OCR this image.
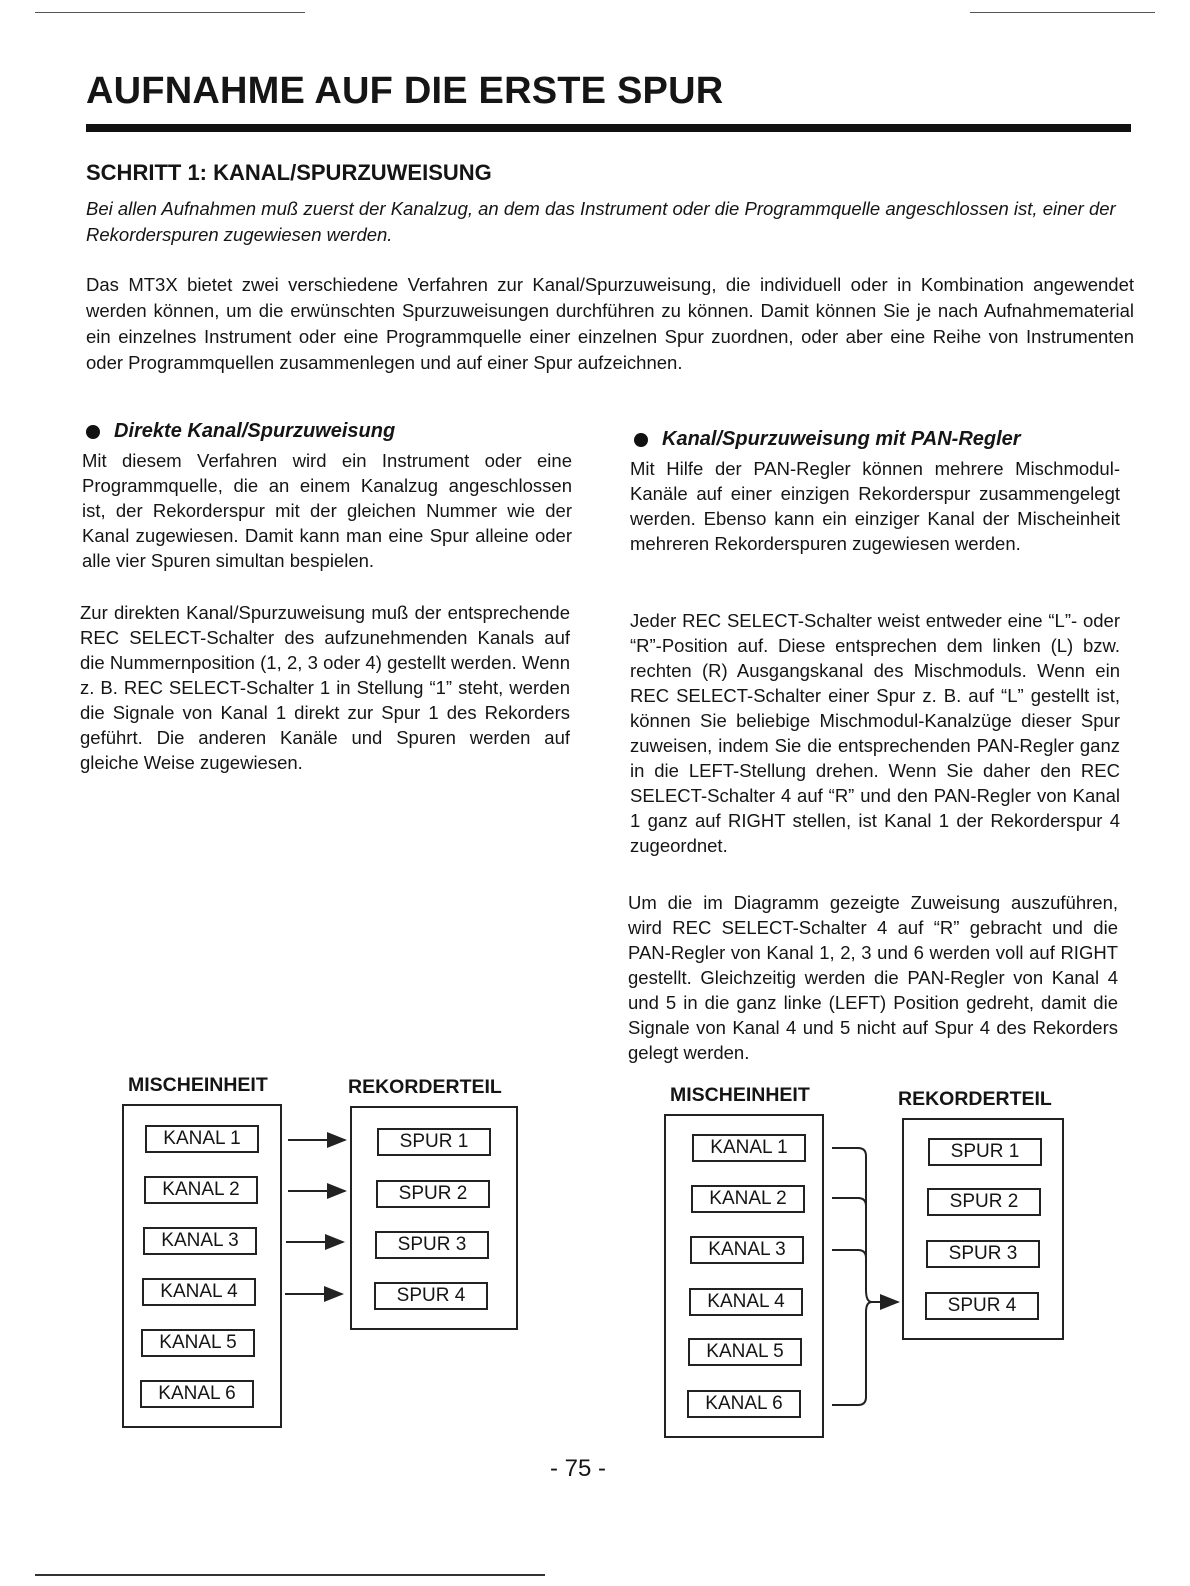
AUFNAHME AUF DIE ERSTE SPUR
SCHRITT 1: KANAL/SPURZUWEISUNG

Bei allen Aufnahmen muß zuerst der Kanalzug, an dem das Instrument oder die Programmquelle angeschlossen ist, einer der Rekorderspuren zugewiesen werden.

Das MT3X bietet zwei verschiedene Verfahren zur Kanal/Spurzuweisung, die individuell oder in Kombination angewendet werden können, um die erwünschten Spurzuweisungen durchführen zu können. Damit können Sie je nach Aufnahmematerial ein einzelnes Instrument oder eine Programmquelle einer einzelnen Spur zuordnen, oder aber eine Reihe von Instrumenten oder Programmquellen zusammenlegen und auf einer Spur aufzeichnen.

Direkte Kanal/Spurzuweisung

Mit diesem Verfahren wird ein Instrument oder eine Programmquelle, die an einem Kanalzug angeschlossen ist, der Rekorderspur mit der gleichen Nummer wie der Kanal zugewiesen. Damit kann man eine Spur alleine oder alle vier Spuren simultan bespielen.

Zur direkten Kanal/Spurzuweisung muß der entsprechende REC SELECT-Schalter des aufzunehmenden Kanals auf die Nummernposition (1, 2, 3 oder 4) gestellt werden. Wenn z. B. REC SELECT-Schalter 1 in Stellung “1” steht, werden die Signale von Kanal 1 direkt zur Spur 1 des Rekorders geführt. Die anderen Kanäle und Spuren werden auf gleiche Weise zugewiesen.

Kanal/Spurzuweisung mit PAN-Regler

Mit Hilfe der PAN-Regler können mehrere Mischmodul-Kanäle auf einer einzigen Rekorderspur zusammengelegt werden. Ebenso kann ein einziger Kanal der Mischeinheit mehreren Rekorderspuren zugewiesen werden.

Jeder REC SELECT-Schalter weist entweder eine “L”- oder “R”-Position auf. Diese entsprechen dem linken (L) bzw. rechten (R) Ausgangskanal des Mischmoduls. Wenn ein REC SELECT-Schalter einer Spur z. B. auf “L” gestellt ist, können Sie beliebige Mischmodul-Kanalzüge dieser Spur zuweisen, indem Sie die entsprechenden PAN-Regler ganz in die LEFT-Stellung drehen. Wenn Sie daher den REC SELECT-Schalter 4 auf “R” und den PAN-Regler von Kanal 1 ganz auf RIGHT stellen, ist Kanal 1 der Rekorderspur 4 zugeordnet.

Um die im Diagramm gezeigte Zuweisung auszuführen, wird REC SELECT-Schalter 4 auf “R” gebracht und die PAN-Regler von Kanal 1, 2, 3 und 6 werden voll auf RIGHT gestellt. Gleichzeitig werden die PAN-Regler von Kanal 4 und 5 in die ganz linke (LEFT) Position gedreht, damit die Signale von Kanal 4 und 5 nicht auf Spur 4 des Rekorders gelegt werden.

MISCHEINHEIT	REKORDERTEIL

KANAL 1
KANAL 2
KANAL 3
KANAL 4
KANAL 5
KANAL 6
SPUR 1
SPUR 2
SPUR 3
SPUR 4

MISCHEINHEIT	REKORDERTEIL

KANAL 1
KANAL 2
KANAL 3
KANAL 4
KANAL 5
KANAL 6
SPUR 1
SPUR 2
SPUR 3
SPUR 4

- 75 -
